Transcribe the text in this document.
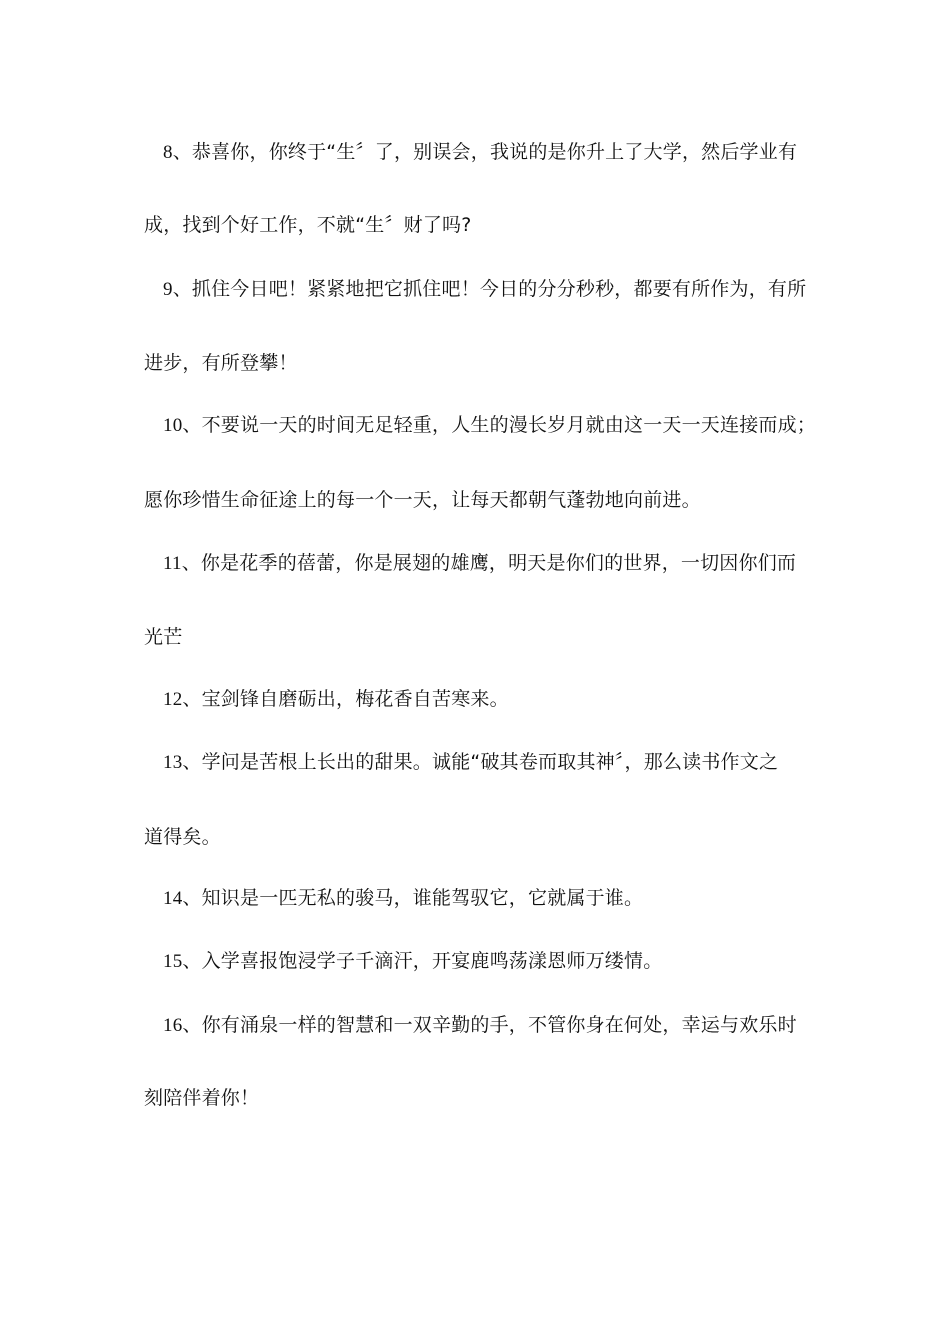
8、恭喜你，你终于“生〞了，别误会，我说的是你升上了大学，然后学业有
成，找到个好工作，不就“生〞财了吗?
9、抓住今日吧！紧紧地把它抓住吧！今日的分分秒秒，都要有所作为，有所
进步，有所登攀！
10、不要说一天的时间无足轻重，人生的漫长岁月就由这一天一天连接而成；
愿你珍惜生命征途上的每一个一天，让每天都朝气蓬勃地向前进。
11、你是花季的蓓蕾，你是展翅的雄鹰，明天是你们的世界，一切因你们而
光芒
12、宝剑锋自磨砺出，梅花香自苦寒来。
13、学问是苦根上长出的甜果。诚能“破其卷而取其神〞，那么读书作文之
道得矣。
14、知识是一匹无私的骏马，谁能驾驭它，它就属于谁。
15、入学喜报饱浸学子千滴汗，开宴鹿鸣荡漾恩师万缕情。
16、你有涌泉一样的智慧和一双辛勤的手，不管你身在何处，幸运与欢乐时
刻陪伴着你！
